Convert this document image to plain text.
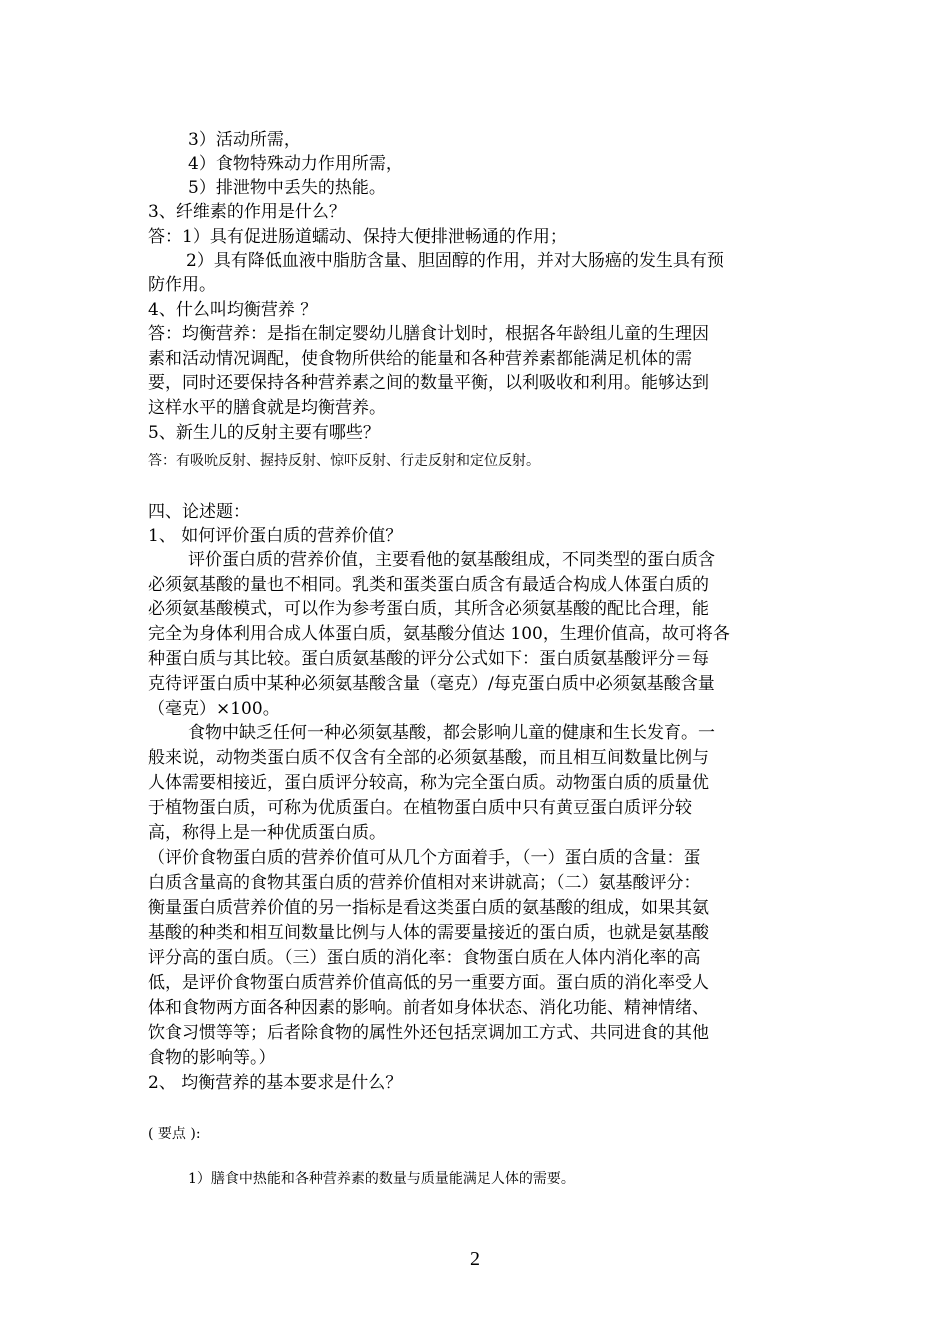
3）活动所需，
4）食物特殊动力作用所需，
5）排泄物中丢失的热能。
3、纤维素的作用是什么？
答：1）具有促进肠道蠕动、保持大便排泄畅通的作用；
2）具有降低血液中脂肪含量、胆固醇的作用，并对大肠癌的发生具有预
防作用。
4、什么叫均衡营养 ？
答：均衡营养：是指在制定婴幼儿膳食计划时，根据各年龄组儿童的生理因
素和活动情况调配，使食物所供给的能量和各种营养素都能满足机体的需
要，同时还要保持各种营养素之间的数量平衡，以利吸收和利用。能够达到
这样水平的膳食就是均衡营养。
5、新生儿的反射主要有哪些？
答：有吸吮反射、握持反射、惊吓反射、行走反射和定位反射。
四、论述题：
1、 如何评价蛋白质的营养价值？
评价蛋白质的营养价值，主要看他的氨基酸组成，不同类型的蛋白质含
必须氨基酸的量也不相同。乳类和蛋类蛋白质含有最适合构成人体蛋白质的
必须氨基酸模式，可以作为参考蛋白质，其所含必须氨基酸的配比合理，能
完全为身体利用合成人体蛋白质，氨基酸分值达 100，生理价值高，故可将各
种蛋白质与其比较。蛋白质氨基酸的评分公式如下：蛋白质氨基酸评分＝每
克待评蛋白质中某种必须氨基酸含量（毫克）/每克蛋白质中必须氨基酸含量
（毫克）×100。
食物中缺乏任何一种必须氨基酸，都会影响儿童的健康和生长发育。一
般来说，动物类蛋白质不仅含有全部的必须氨基酸，而且相互间数量比例与
人体需要相接近，蛋白质评分较高，称为完全蛋白质。动物蛋白质的质量优
于植物蛋白质，可称为优质蛋白。在植物蛋白质中只有黄豆蛋白质评分较
高，称得上是一种优质蛋白质。
（评价食物蛋白质的营养价值可从几个方面着手，（一）蛋白质的含量：蛋
白质含量高的食物其蛋白质的营养价值相对来讲就高；（二）氨基酸评分：
衡量蛋白质营养价值的另一指标是看这类蛋白质的氨基酸的组成，如果其氨
基酸的种类和相互间数量比例与人体的需要量接近的蛋白质，也就是氨基酸
评分高的蛋白质。（三）蛋白质的消化率：食物蛋白质在人体内消化率的高
低，是评价食物蛋白质营养价值高低的另一重要方面。蛋白质的消化率受人
体和食物两方面各种因素的影响。前者如身体状态、消化功能、精神情绪、
饮食习惯等等；后者除食物的属性外还包括烹调加工方式、共同进食的其他
食物的影响等。）
2、 均衡营养的基本要求是什么？
( 要点 ):
1）膳食中热能和各种营养素的数量与质量能满足人体的需要。
2
